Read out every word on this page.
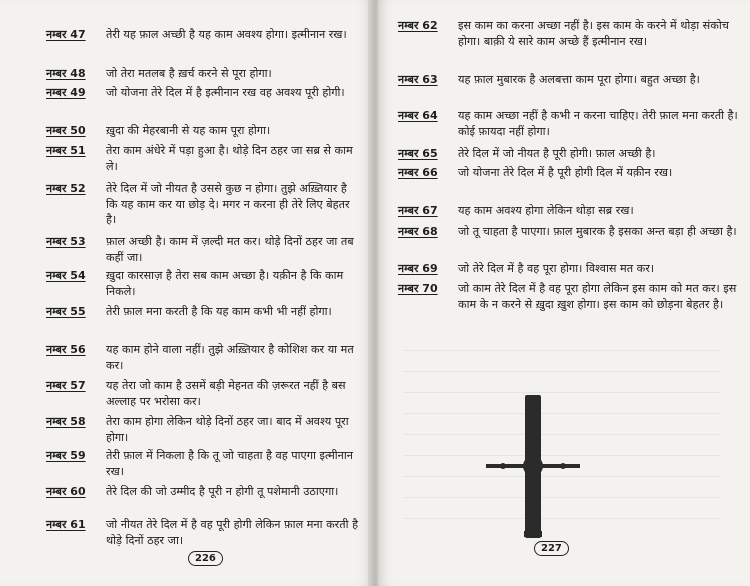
नम्बर 47	तेरी यह फ़ाल अच्छी है यह काम अवश्य होगा। इत्मीनान रख।
नम्बर 48	जो तेरा मतलब है ख़र्च करने से पूरा होगा।
नम्बर 49	जो योजना तेरे दिल में है इत्मीनान रख वह अवश्य पूरी होगी।
नम्बर 50	ख़ुदा की मेहरबानी से यह काम पूरा होगा।
नम्बर 51	तेरा काम अंधेरे में पड़ा हुआ है। थोड़े दिन ठहर जा सब्र से काम ले।
नम्बर 52	तेरे दिल में जो नीयत है उससे कुछ न होगा। तुझे अख़्तियार है कि यह काम कर या छोड़ दे। मगर न करना ही तेरे लिए बेहतर है।
नम्बर 53	फ़ाल अच्छी है। काम में ज़ल्दी मत कर। थोड़े दिनों ठहर जा तब कहीं जा।
नम्बर 54	ख़ुदा कारसाज़ है तेरा सब काम अच्छा है। यक़ीन है कि काम निकले।
नम्बर 55	तेरी फ़ाल मना करती है कि यह काम कभी भी नहीं होगा।
नम्बर 56	यह काम होने वाला नहीं। तुझे अख़्तियार है कोशिश कर या मत कर।
नम्बर 57	यह तेरा जो काम है उसमें बड़ी मेहनत की ज़रूरत नहीं है बस अल्लाह पर भरोसा कर।
नम्बर 58	तेरा काम होगा लेकिन थोड़े दिनों ठहर जा। बाद में अवश्य पूरा होगा।
नम्बर 59	तेरी फ़ाल में निकला है कि तू जो चाहता है वह पाएगा इत्मीनान रख।
नम्बर 60	तेरे दिल की जो उम्मीद है पूरी न होगी तू पशेमानी उठाएगा।
नम्बर 61	जो नीयत तेरे दिल में है वह पूरी होगी लेकिन फ़ाल मना करती है थोड़े दिनों ठहर जा।
226
नम्बर 62	इस काम का करना अच्छा नहीं है। इस काम के करने में थोड़ा संकोच होगा। बाक़ी ये सारे काम अच्छे हैं इत्मीनान रख।
नम्बर 63	यह फ़ाल मुबारक है अलबत्ता काम पूरा होगा। बहुत अच्छा है।
नम्बर 64	यह काम अच्छा नहीं है कभी न करना चाहिए। तेरी फ़ाल मना करती है। कोई फ़ायदा नहीं होगा।
नम्बर 65	तेरे दिल में जो नीयत है पूरी होगी। फ़ाल अच्छी है।
नम्बर 66	जो योजना तेरे दिल में है पूरी होगी दिल में यक़ीन रख।
नम्बर 67	यह काम अवश्य होगा लेकिन थोड़ा सब्र रख।
नम्बर 68	जो तू चाहता है पाएगा। फ़ाल मुबारक है इसका अन्त बड़ा ही अच्छा है।
नम्बर 69	जो तेरे दिल में है वह पूरा होगा। विश्वास मत कर।
नम्बर 70	जो काम तेरे दिल में है वह पूरा होगा लेकिन इस काम को मत कर। इस काम के न करने से ख़ुदा ख़ुश होगा। इस काम को छोड़ना बेहतर है।
227
